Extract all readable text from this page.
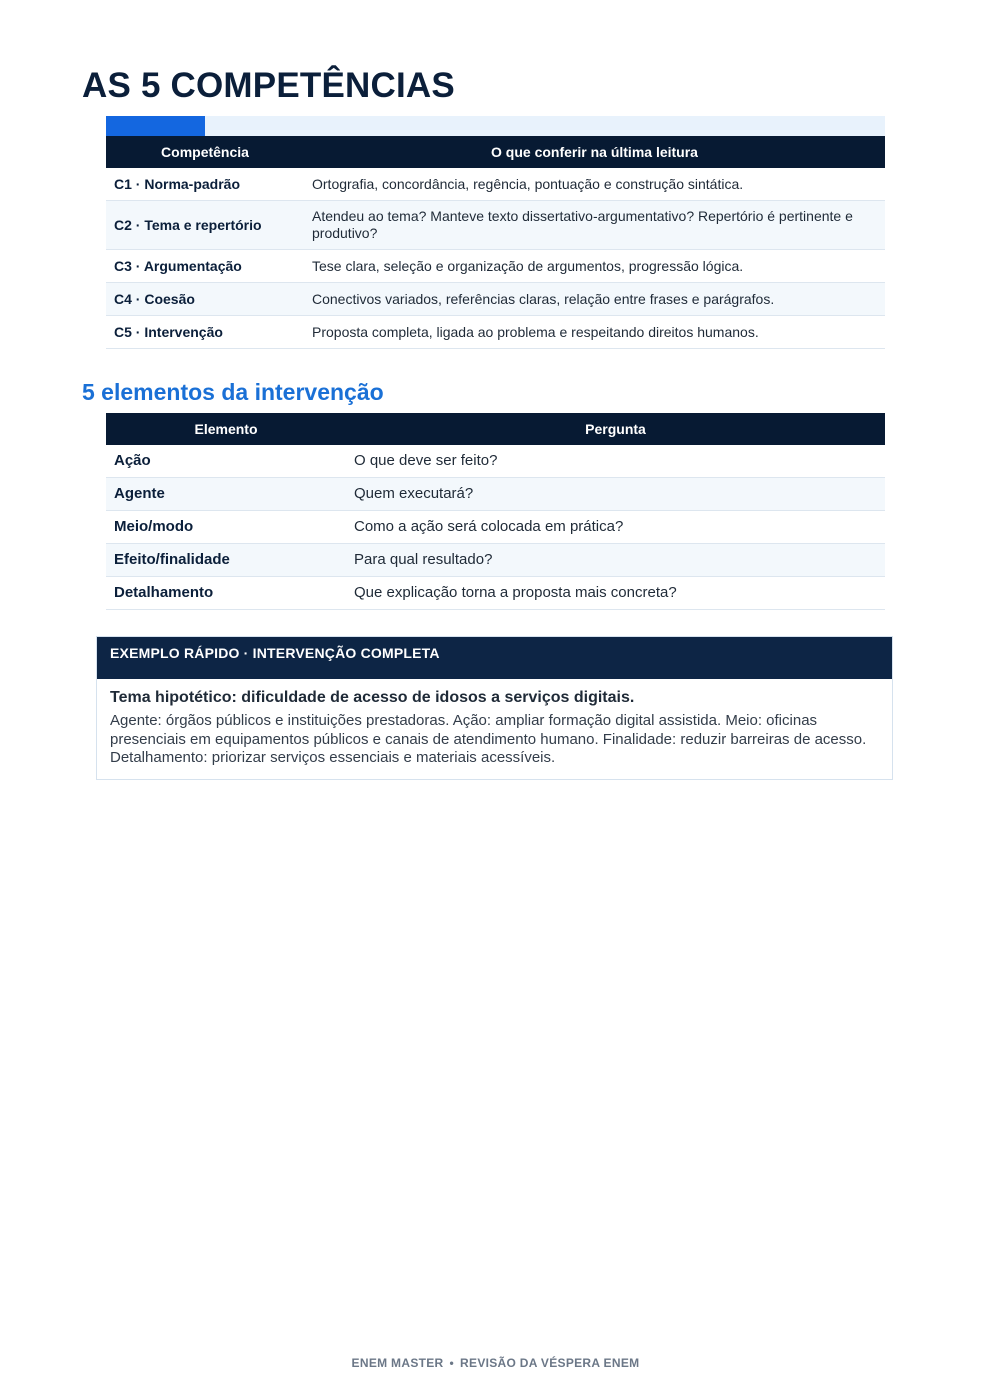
AS 5 COMPETÊNCIAS
Competência	O que conferir na última leitura
C1 · Norma-padrão	Ortografia, concordância, regência, pontuação e construção sintática.
C2 · Tema e repertório	Atendeu ao tema? Manteve texto dissertativo-argumentativo? Repertório é pertinente e produtivo?
C3 · Argumentação	Tese clara, seleção e organização de argumentos, progressão lógica.
C4 · Coesão	Conectivos variados, referências claras, relação entre frases e parágrafos.
C5 · Intervenção	Proposta completa, ligada ao problema e respeitando direitos humanos.
5 elementos da intervenção
Elemento	Pergunta
Ação	O que deve ser feito?
Agente	Quem executará?
Meio/modo	Como a ação será colocada em prática?
Efeito/finalidade	Para qual resultado?
Detalhamento	Que explicação torna a proposta mais concreta?
EXEMPLO RÁPIDO · INTERVENÇÃO COMPLETA

Tema hipotético: dificuldade de acesso de idosos a serviços digitais.

Agente: órgãos públicos e instituições prestadoras. Ação: ampliar formação digital assistida. Meio: oficinas presenciais em equipamentos públicos e canais de atendimento humano. Finalidade: reduzir barreiras de acesso. Detalhamento: priorizar serviços essenciais e materiais acessíveis.

ENEM MASTER • REVISÃO DA VÉSPERA ENEM
